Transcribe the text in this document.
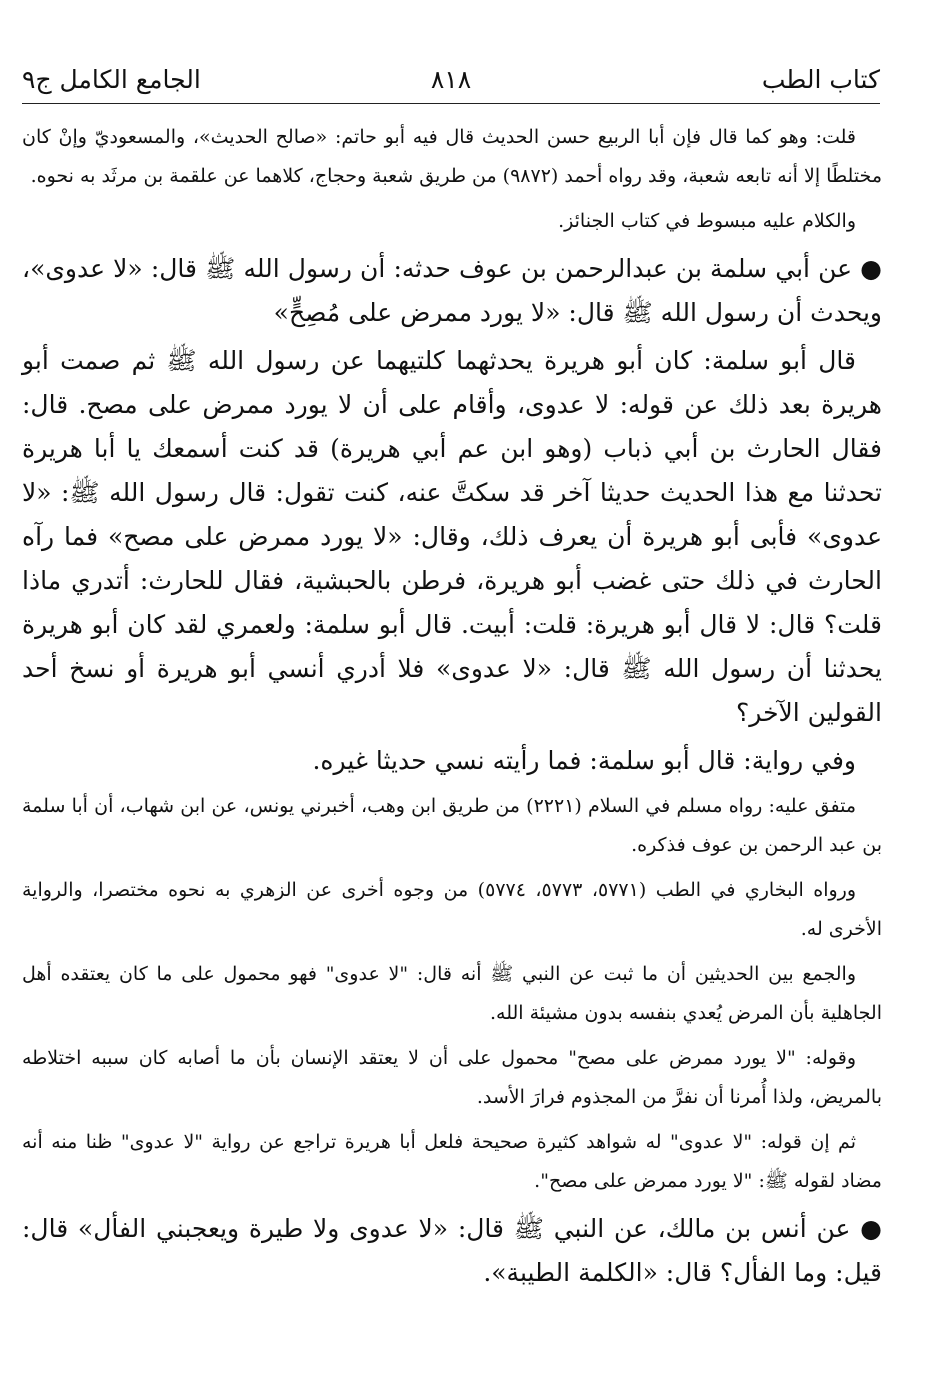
كتاب الطب
٨١٨
الجامع الكامل ج٩

قلت: وهو كما قال فإن أبا الربيع حسن الحديث قال فيه أبو حاتم: «صالح الحديث»، والمسعوديّ وإنْ كان مختلطًا إلا أنه تابعه شعبة، وقد رواه أحمد (٩٨٧٢) من طريق شعبة وحجاج، كلاهما عن علقمة بن مرثَد به نحوه.

والكلام عليه مبسوط في كتاب الجنائز.

● عن أبي سلمة بن عبدالرحمن بن عوف حدثه: أن رسول الله ﷺ قال: «لا عدوى»، ويحدث أن رسول الله ﷺ قال: «لا يورد ممرض على مُصِحٍّ»

قال أبو سلمة: كان أبو هريرة يحدثهما كلتيهما عن رسول الله ﷺ ثم صمت أبو هريرة بعد ذلك عن قوله: لا عدوى، وأقام على أن لا يورد ممرض على مصح. قال: فقال الحارث بن أبي ذباب (وهو ابن عم أبي هريرة) قد كنت أسمعك يا أبا هريرة تحدثنا مع هذا الحديث حديثا آخر قد سكتَّ عنه، كنت تقول: قال رسول الله ﷺ: «لا عدوى» فأبى أبو هريرة أن يعرف ذلك، وقال: «لا يورد ممرض على مصح» فما رآه الحارث في ذلك حتى غضب أبو هريرة، فرطن بالحبشية، فقال للحارث: أتدري ماذا قلت؟ قال: لا قال أبو هريرة: قلت: أبيت. قال أبو سلمة: ولعمري لقد كان أبو هريرة يحدثنا أن رسول الله ﷺ قال: «لا عدوى» فلا أدري أنسي أبو هريرة أو نسخ أحد القولين الآخر؟

وفي رواية: قال أبو سلمة: فما رأيته نسي حديثا غيره.

متفق عليه: رواه مسلم في السلام (٢٢٢١) من طريق ابن وهب، أخبرني يونس، عن ابن شهاب، أن أبا سلمة بن عبد الرحمن بن عوف فذكره.

ورواه البخاري في الطب (٥٧٧١، ٥٧٧٣، ٥٧٧٤) من وجوه أخرى عن الزهري به نحوه مختصرا، والرواية الأخرى له.

والجمع بين الحديثين أن ما ثبت عن النبي ﷺ أنه قال: "لا عدوى" فهو محمول على ما كان يعتقده أهل الجاهلية بأن المرض يُعدي بنفسه بدون مشيئة الله.

وقوله: "لا يورد ممرض على مصح" محمول على أن لا يعتقد الإنسان بأن ما أصابه كان سببه اختلاطه بالمريض، ولذا أُمرنا أن نفرَّ من المجذوم فرارَ الأسد.

ثم إن قوله: "لا عدوى" له شواهد كثيرة صحيحة فلعل أبا هريرة تراجع عن رواية "لا عدوى" ظنا منه أنه مضاد لقوله ﷺ: "لا يورد ممرض على مصح".

● عن أنس بن مالك، عن النبي ﷺ قال: «لا عدوى ولا طيرة ويعجبني الفأل» قال: قيل: وما الفأل؟ قال: «الكلمة الطيبة».
